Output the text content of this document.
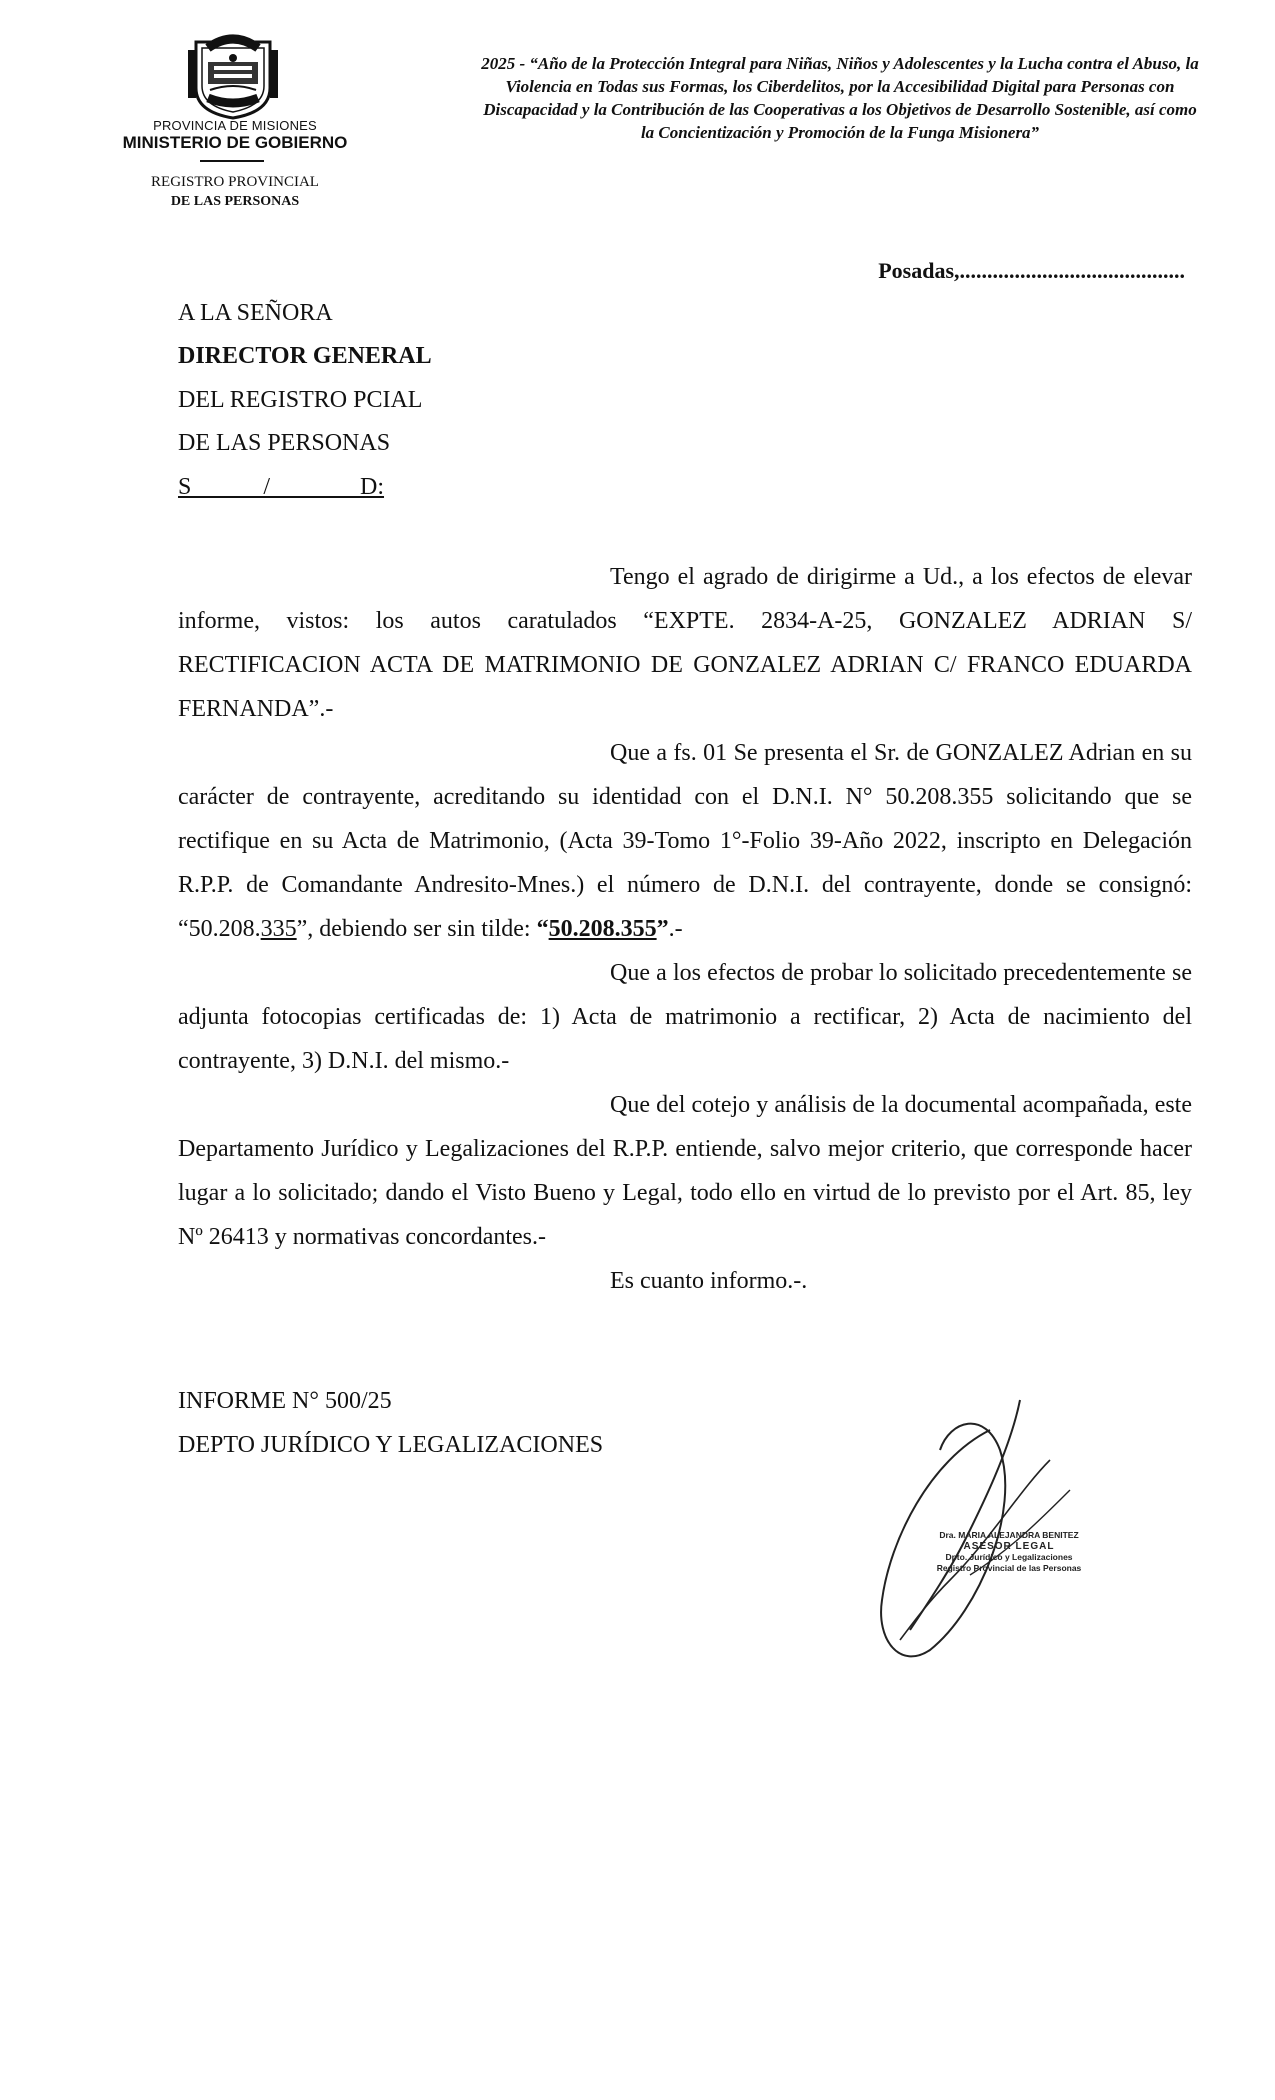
PROVINCIA DE MISIONES
MINISTERIO DE GOBIERNO
REGISTRO PROVINCIAL
DE LAS PERSONAS
2025 - “Año de la Protección Integral para Niñas, Niños y Adolescentes y la Lucha contra el Abuso, la Violencia en Todas sus Formas, los Ciberdelitos, por la Accesibilidad Digital para Personas con Discapacidad y la Contribución de las Cooperativas a los Objetivos de Desarrollo Sostenible, así como la Concientización y Promoción de la Funga Misionera”
Posadas,.........................................
A LA SEÑORA
DIRECTOR GENERAL
DEL REGISTRO PCIAL
DE LAS PERSONAS
S            /               D:

Tengo el agrado de dirigirme a Ud., a los efectos de elevar informe, vistos: los autos caratulados “EXPTE. 2834-A-25, GONZALEZ ADRIAN S/ RECTIFICACION ACTA DE MATRIMONIO DE GONZALEZ ADRIAN C/ FRANCO EDUARDA FERNANDA”.-

Que a fs. 01 Se presenta el Sr. de GONZALEZ Adrian en su carácter de contrayente, acreditando su identidad con el D.N.I. N° 50.208.355 solicitando que se rectifique en su Acta de Matrimonio, (Acta 39-Tomo 1°-Folio 39-Año 2022, inscripto en Delegación R.P.P. de Comandante Andresito-Mnes.) el número de D.N.I. del contrayente, donde se consignó: “50.208.335”, debiendo ser sin tilde: “50.208.355”.-

Que a los efectos de probar lo solicitado precedentemente se adjunta fotocopias certificadas de: 1) Acta de matrimonio a rectificar, 2) Acta de nacimiento del contrayente, 3) D.N.I. del mismo.-

Que del cotejo y análisis de la documental acompañada, este Departamento Jurídico y Legalizaciones del R.P.P. entiende, salvo mejor criterio, que corresponde hacer lugar a lo solicitado; dando el Visto Bueno y Legal, todo ello en virtud de lo previsto por el Art. 85, ley Nº 26413 y normativas concordantes.-

Es cuanto informo.-.

INFORME N° 500/25
DEPTO JURÍDICO Y LEGALIZACIONES
Dra. MARIA ALEJANDRA BENITEZ
ASESOR LEGAL
Dpto. Jurídico y Legalizaciones
Registro Provincial de las Personas
